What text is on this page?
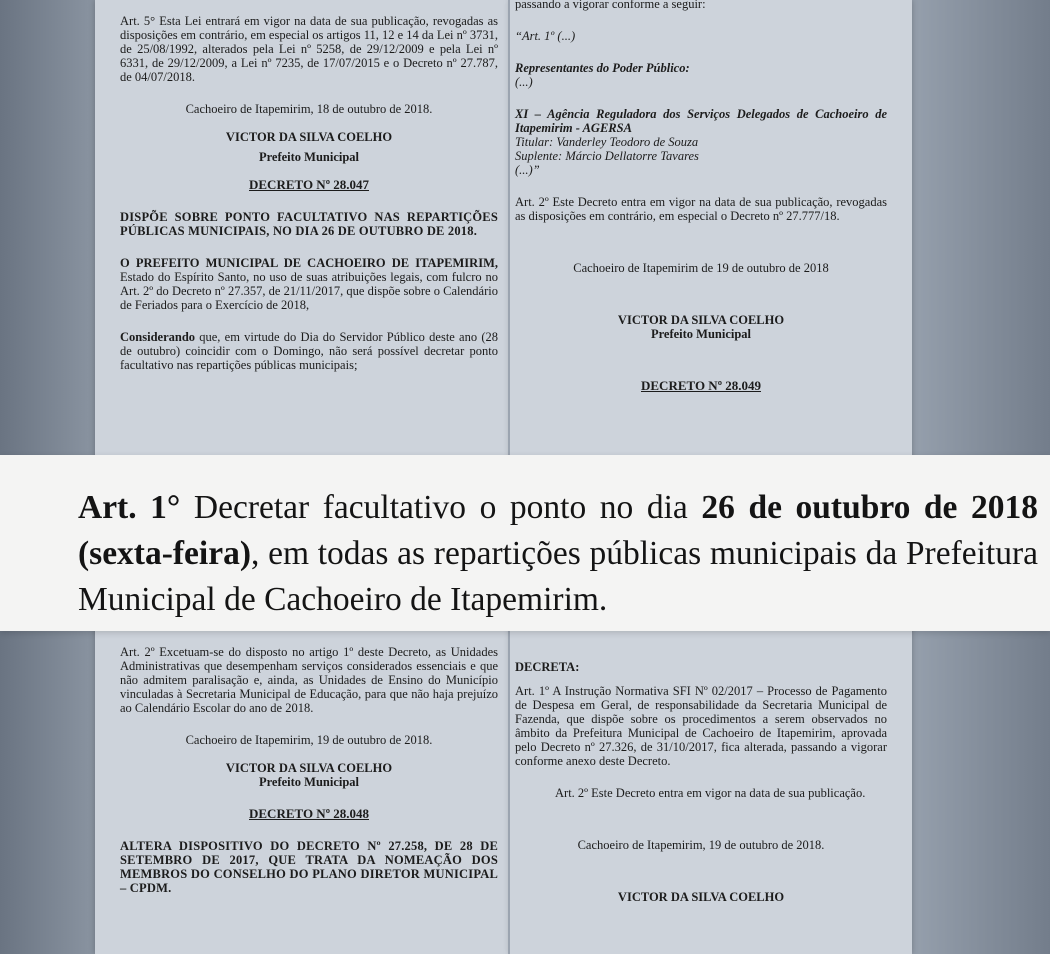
Art. 5° Esta Lei entrará em vigor na data de sua publicação, revogadas as disposições em contrário, em especial os artigos 11, 12 e 14 da Lei nº 3731, de 25/08/1992, alterados pela Lei nº 5258, de 29/12/2009 e pela Lei nº 6331, de 29/12/2009, a Lei nº 7235, de 17/07/2015 e o Decreto nº 27.787, de 04/07/2018.

Cachoeiro de Itapemirim, 18 de outubro de 2018.

VICTOR DA SILVA COELHO

Prefeito Municipal

DECRETO Nº 28.047

DISPÕE SOBRE PONTO FACULTATIVO NAS REPARTIÇÕES PÚBLICAS MUNICIPAIS, NO DIA 26 DE OUTUBRO DE 2018.

O PREFEITO MUNICIPAL DE CACHOEIRO DE ITAPEMIRIM, Estado do Espírito Santo, no uso de suas atribuições legais, com fulcro no Art. 2º do Decreto nº 27.357, de 21/11/2017, que dispõe sobre o Calendário de Feriados para o Exercício de 2018,

Considerando que, em virtude do Dia do Servidor Público deste ano (28 de outubro) coincidir com o Domingo, não será possível decretar ponto facultativo nas repartições públicas municipais;

passando a vigorar conforme a seguir:

“Art. 1º (...)

Representantes do Poder Público:

(...)

XI – Agência Reguladora dos Serviços Delegados de Cachoeiro de Itapemirim - AGERSA

Titular: Vanderley Teodoro de Souza

Suplente: Márcio Dellatorre Tavares

(...)”

Art. 2º Este Decreto entra em vigor na data de sua publicação, revogadas as disposições em contrário, em especial o Decreto nº 27.777/18.

Cachoeiro de Itapemirim de 19 de outubro de 2018

VICTOR DA SILVA COELHO

Prefeito Municipal

DECRETO Nº 28.049

Art. 1° Decretar facultativo o ponto no dia 26 de outubro de 2018 (sexta-feira), em todas as repartições públicas municipais da Prefeitura Municipal de Cachoeiro de Itapemirim.

Art. 2º Excetuam-se do disposto no artigo 1º deste Decreto, as Unidades Administrativas que desempenham serviços considerados essenciais e que não admitem paralisação e, ainda, as Unidades de Ensino do Município vinculadas à Secretaria Municipal de Educação, para que não haja prejuízo ao Calendário Escolar do ano de 2018.

Cachoeiro de Itapemirim, 19 de outubro de 2018.

VICTOR DA SILVA COELHO

Prefeito Municipal

DECRETO Nº 28.048

ALTERA DISPOSITIVO DO DECRETO Nº 27.258, DE 28 DE SETEMBRO DE 2017, QUE TRATA DA NOMEAÇÃO DOS MEMBROS DO CONSELHO DO PLANO DIRETOR MUNICIPAL – CPDM.

DECRETA:

Art. 1º A Instrução Normativa SFI Nº 02/2017 – Processo de Pagamento de Despesa em Geral, de responsabilidade da Secretaria Municipal de Fazenda, que dispõe sobre os procedimentos a serem observados no âmbito da Prefeitura Municipal de Cachoeiro de Itapemirim, aprovada pelo Decreto nº 27.326, de 31/10/2017, fica alterada, passando a vigorar conforme anexo deste Decreto.

Art. 2º Este Decreto entra em vigor na data de sua publicação.

Cachoeiro de Itapemirim, 19 de outubro de 2018.

VICTOR DA SILVA COELHO
